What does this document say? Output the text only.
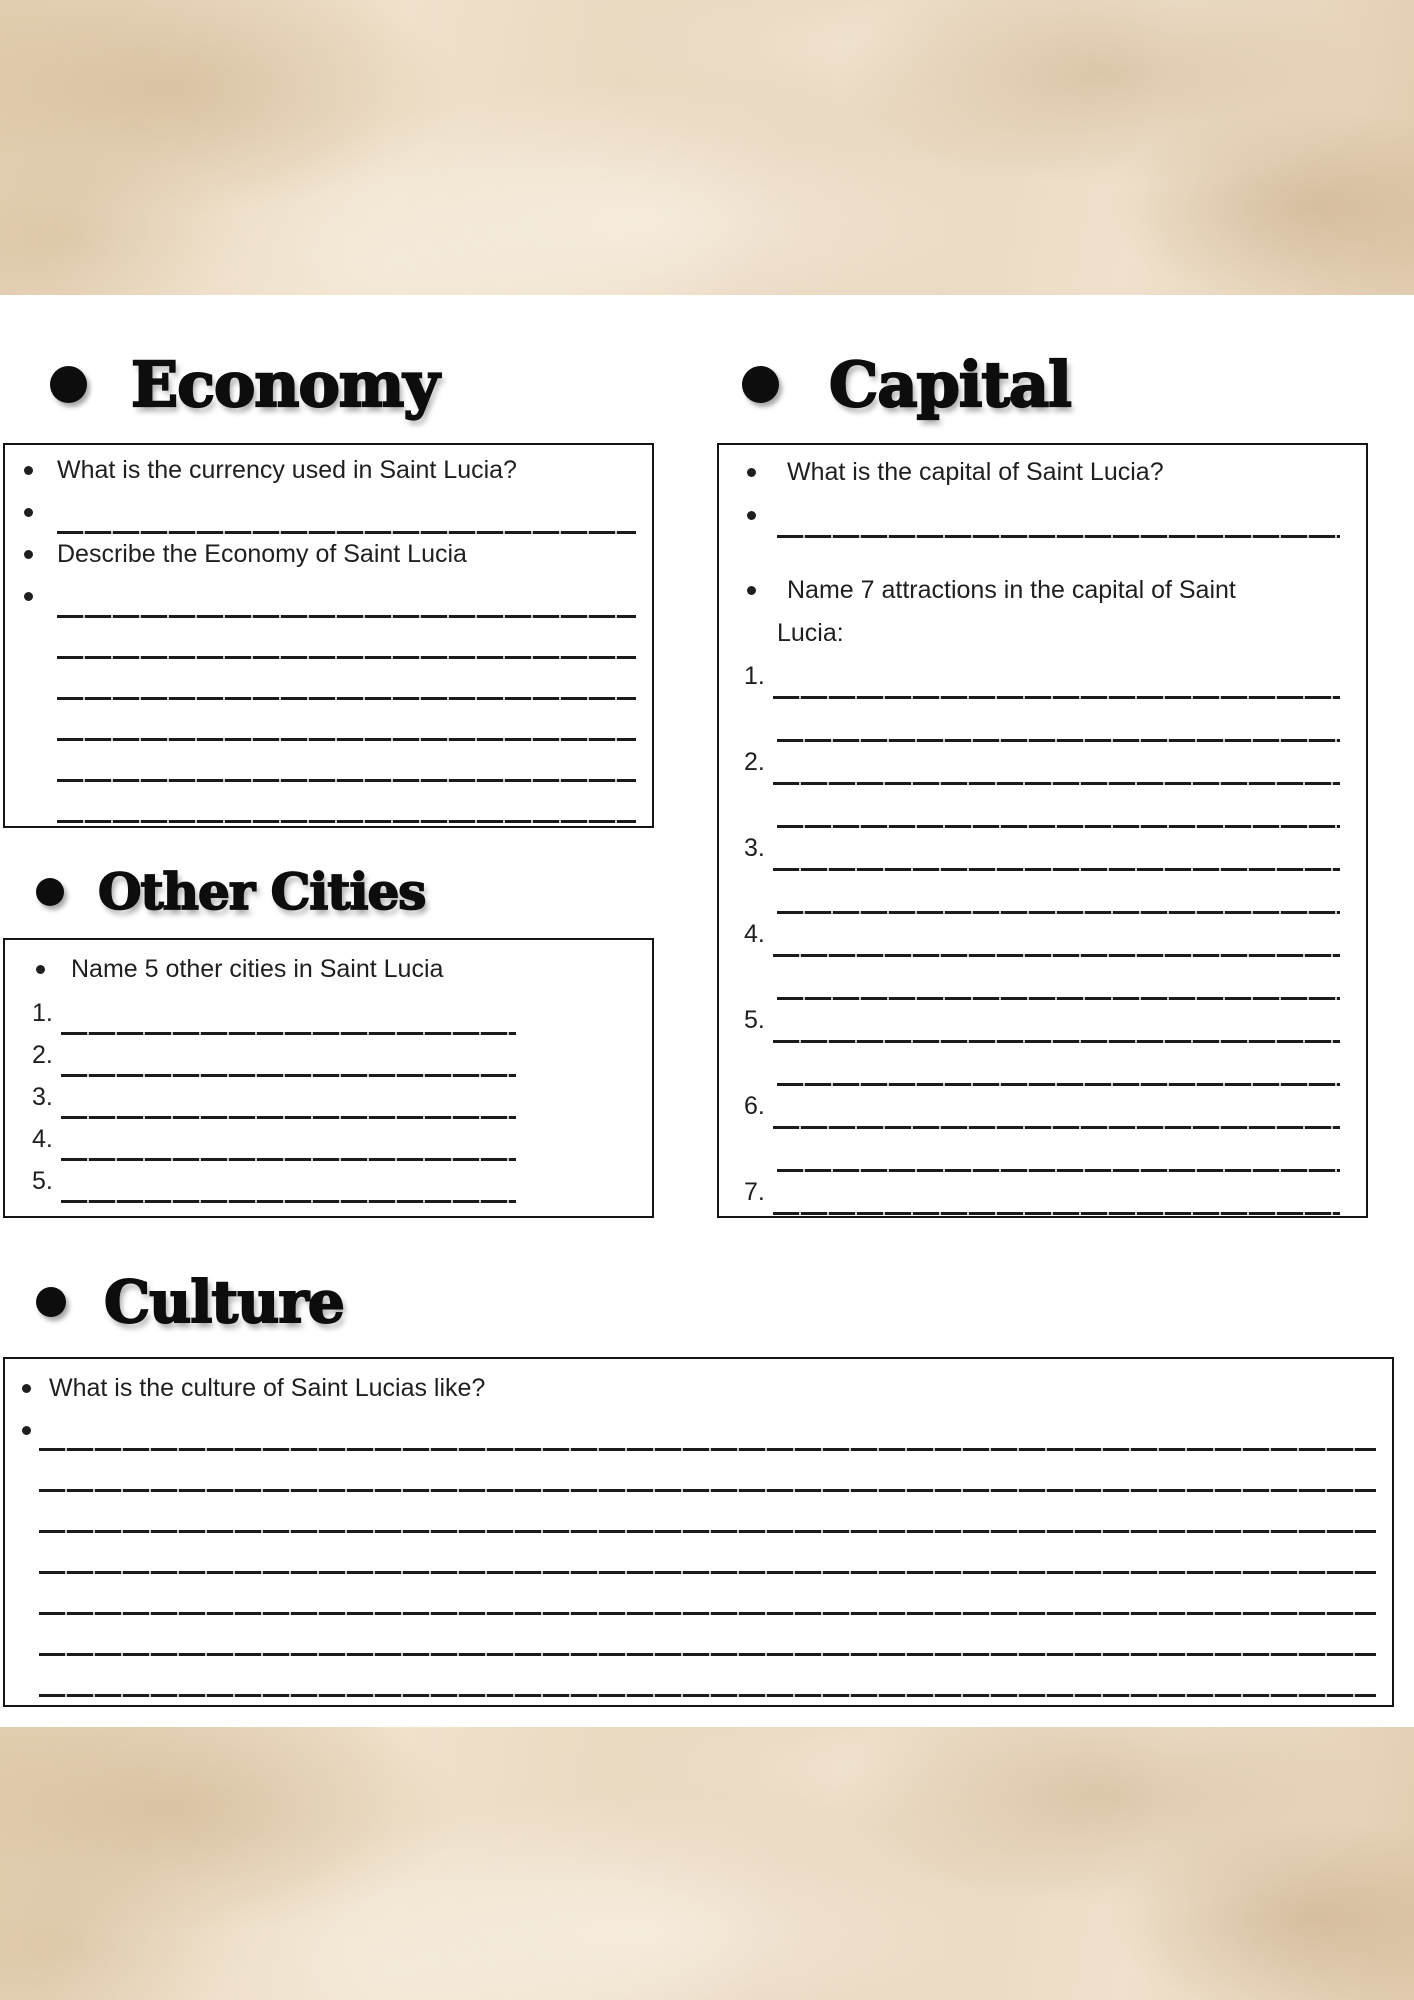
Economy	Capital
What is the currency used in Saint Lucia?
Describe the Economy of Saint Lucia
What is the capital of Saint Lucia?
Name 7 attractions in the capital of Saint
Lucia:
1.
2.
3.
4.
5.
6.
7.
Other Cities
Name 5 other cities in Saint Lucia
1.
2.
3.
4.
5.
Culture
What is the culture of Saint Lucias like?
